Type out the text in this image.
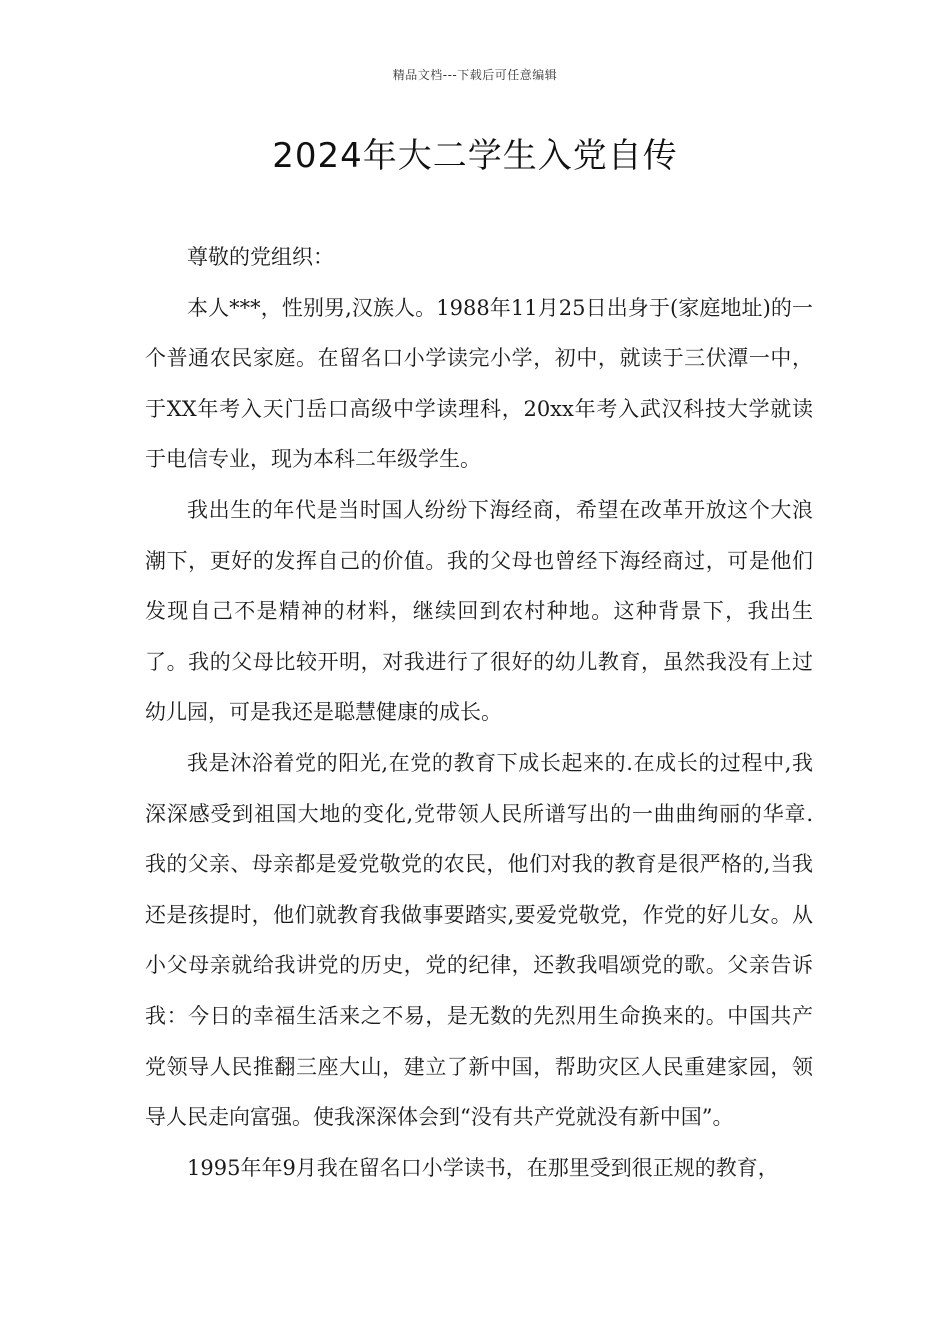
精品文档---下载后可任意编辑
2024年大二学生入党自传

尊敬的党组织：

本人***，性别男,汉族人。1988年11月25日出身于(家庭地址)的一个普通农民家庭。在留名口小学读完小学，初中，就读于三伏潭一中，于XX年考入天门岳口高级中学读理科，20xx年考入武汉科技大学就读于电信专业，现为本科二年级学生。

我出生的年代是当时国人纷纷下海经商，希望在改革开放这个大浪潮下，更好的发挥自己的价值。我的父母也曾经下海经商过，可是他们发现自己不是精神的材料，继续回到农村种地。这种背景下，我出生了。我的父母比较开明，对我进行了很好的幼儿教育，虽然我没有上过幼儿园，可是我还是聪慧健康的成长。

我是沐浴着党的阳光,在党的教育下成长起来的.在成长的过程中,我深深感受到祖国大地的变化,党带领人民所谱写出的一曲曲绚丽的华章. 我的父亲、母亲都是爱党敬党的农民，他们对我的教育是很严格的,当我还是孩提时，他们就教育我做事要踏实,要爱党敬党，作党的好儿女。从小父母亲就给我讲党的历史，党的纪律，还教我唱颂党的歌。父亲告诉我：今日的幸福生活来之不易，是无数的先烈用生命换来的。中国共产党领导人民推翻三座大山，建立了新中国，帮助灾区人民重建家园，领导人民走向富强。使我深深体会到“没有共产党就没有新中国”。

1995年年9月我在留名口小学读书，在那里受到很正规的教育，
